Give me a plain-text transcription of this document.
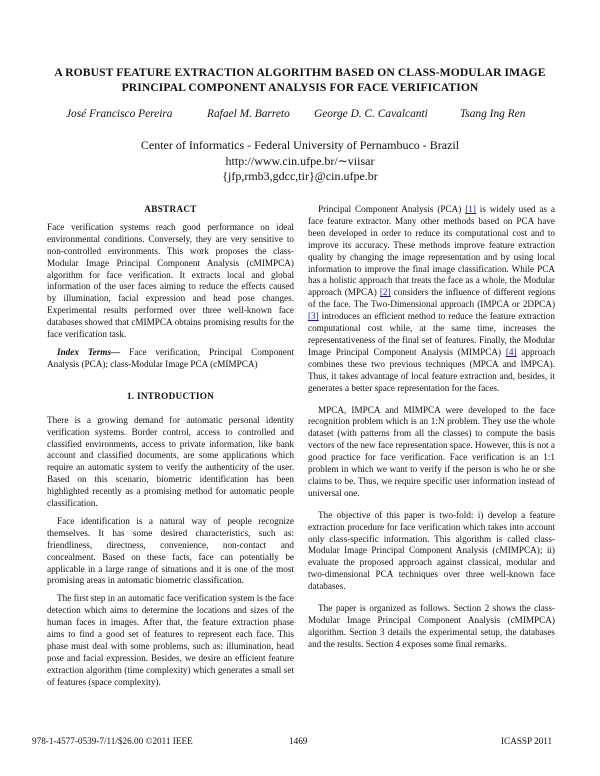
A ROBUST FEATURE EXTRACTION ALGORITHM BASED ON CLASS-MODULAR IMAGE PRINCIPAL COMPONENT ANALYSIS FOR FACE VERIFICATION
José Francisco Pereira	Rafael M. Barreto George D. C. Cavalcanti	Tsang Ing Ren
Center of Informatics - Federal University of Pernambuco - Brazil
http://www.cin.ufpe.br/∼viisar
{jfp,rmb3,gdcc,tir}@cin.ufpe.br
ABSTRACT

Face verification systems reach good performance on ideal environmental conditions. Conversely, they are very sensitive to non-controlled environments. This work proposes the class-Modular Image Principal Component Analysis (cMIMPCA) algorithm for face verification. It extracts local and global information of the user faces aiming to reduce the effects caused by illumination, facial expression and head pose changes. Experimental results performed over three well-known face databases showed that cMIMPCA obtains promising results for the face verification task.

Index Terms— Face verification, Principal Component Analysis (PCA); class-Modular Image PCA (cMIMPCA)

1. INTRODUCTION

There is a growing demand for automatic personal identity verification systems. Border control, access to controlled and classified environments, access to private information, like bank account and classified documents, are some applications which require an automatic system to verify the authenticity of the user. Based on this scenario, biometric identification has been highlighted recently as a promising method for automatic people classification.

Face identification is a natural way of people recognize themselves. It has some desired characteristics, such as: friendliness, directness, convenience, non-contact and concealment. Based on these facts, face can potentially be applicable in a large range of situations and it is one of the most promising areas in automatic biometric classification.

The first step in an automatic face verification system is the face detection which aims to determine the locations and sizes of the human faces in images. After that, the feature extraction phase aims to find a good set of features to represent each face. This phase must deal with some problems, such as: illumination, head pose and facial expression. Besides, we desire an efficient feature extraction algorithm (time complexity) which generates a small set of features (space complexity).

Principal Component Analysis (PCA) [1] is widely used as a face feature extractor. Many other methods based on PCA have been developed in order to reduce its computational cost and to improve its accuracy. These methods improve feature extraction quality by changing the image representation and by using local information to improve the final image classification. While PCA has a holistic approach that treats the face as a whole, the Modular approach (MPCA) [2] considers the influence of different regions of the face. The Two-Dimensional approach (IMPCA or 2DPCA) [3] introduces an efficient method to reduce the feature extraction computational cost while, at the same time, increases the representativeness of the final set of features. Finally, the Modular Image Principal Component Analysis (MIMPCA) [4] approach combines these two previous techniques (MPCA and IMPCA). Thus, it takes advantage of local feature extraction and, besides, it generates a better space representation for the faces.

MPCA, IMPCA and MIMPCA were developed to the face recognition problem which is an 1:N problem. They use the whole dataset (with patterns from all the classes) to compute the basis vectors of the new face representation space. However, this is not a good practice for face verification. Face verification is an 1:1 problem in which we want to verify if the person is who he or she claims to be. Thus, we require specific user information instead of universal one.

The objective of this paper is two-fold: i) develop a feature extraction procedure for face verification which takes into account only class-specific information. This algorithm is called class-Modular Image Principal Component Analysis (cMIMPCA); ii) evaluate the proposed approach against classical, modular and two-dimensional PCA techniques over three well-known face databases.

The paper is organized as follows. Section 2 shows the class-Modular Image Principal Component Analysis (cMIMPCA) algorithm. Section 3 details the experimental setup, the databases and the results. Section 4 exposes some final remarks.

978-1-4577-0539-7/11/$26.00 ©2011 IEEE	1469	ICASSP 2011
